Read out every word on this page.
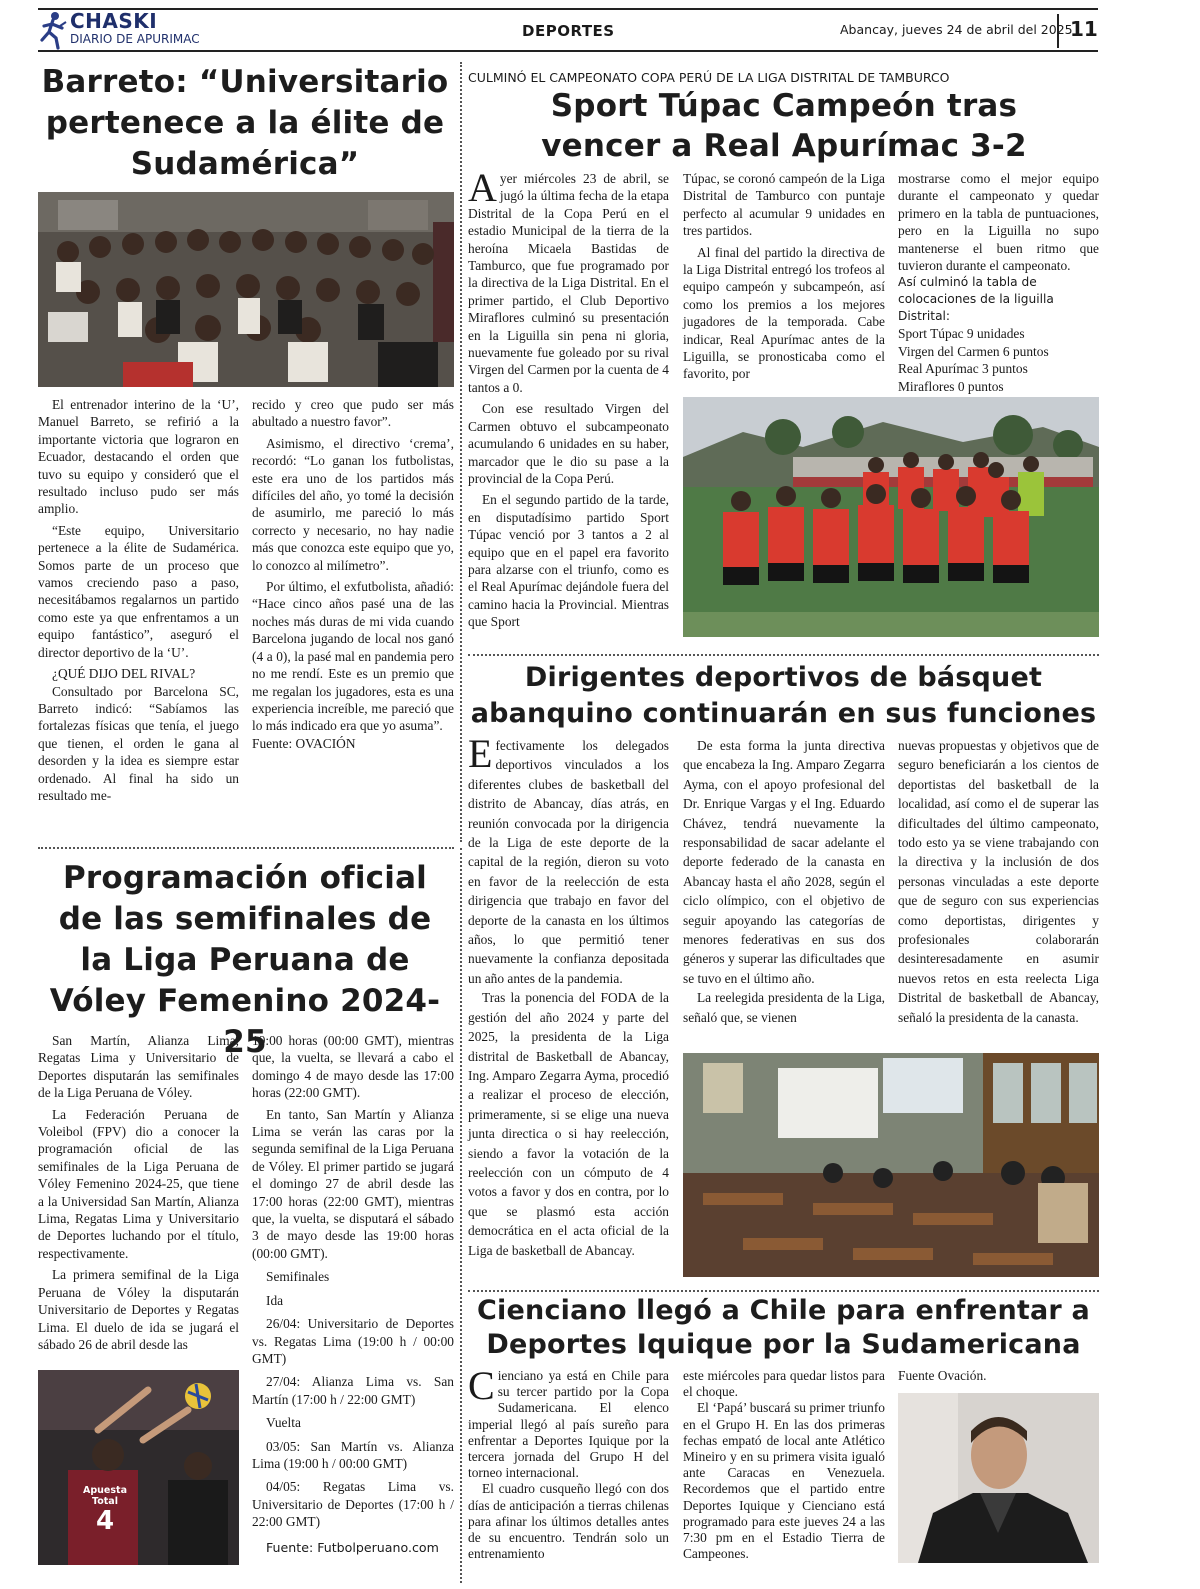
CHASKI
DIARIO DE APURIMAC	DEPORTES	Abancay, jueves 24 de abril del 2025
11
Barreto: “Universitario pertenece a la élite de Sudamérica”

El entrenador interino de la ‘U’, Manuel Barreto, se refirió a la importante victoria que lograron en Ecuador, destacando el orden que tuvo su equipo y consideró que el resultado incluso pudo ser más amplio.

“Este equipo, Universitario pertenece a la élite de Sudamérica. Somos parte de un proceso que vamos creciendo paso a paso, necesitábamos regalarnos un partido como este ya que enfrentamos a un equipo fantástico”, aseguró el director deportivo de la ‘U’.

¿QUÉ DIJO DEL RIVAL?

Consultado por Barcelona SC, Barreto indicó: “Sabíamos las fortalezas físicas que tenía, el juego que tienen, el orden le gana al desorden y la idea es siempre estar ordenado. Al final ha sido un resultado me-

recido y creo que pudo ser más abultado a nuestro favor”.

Asimismo, el directivo ‘crema’, recordó: “Lo ganan los futbolistas, este era uno de los partidos más difíciles del año, yo tomé la decisión de asumirlo, me pareció lo más correcto y necesario, no hay nadie más que conozca este equipo que yo, lo conozco al milímetro”.

Por último, el exfutbolista, añadió: “Hace cinco años pasé una de las noches más duras de mi vida cuando Barcelona jugando de local nos ganó (4 a 0), la pasé mal en pandemia pero no me rendí. Este es un premio que me regalan los jugadores, esta es una experiencia increíble, me pareció que lo más indicado era que yo asuma”.

Fuente: OVACIÓN

CULMINÓ EL CAMPEONATO COPA PERÚ DE LA LIGA DISTRITAL DE TAMBURCO
Sport Túpac Campeón tras vencer a Real Apurímac 3-2
A yer miércoles 23 de abril, se jugó la última fecha de la etapa Distrital de la Copa Perú en el estadio Municipal de la tierra de la heroína Micaela Bastidas de Tamburco, que fue programado por la directiva de la Liga Distrital. En el primer partido, el Club Deportivo Miraflores culminó su presentación en la Liguilla sin pena ni gloria, nuevamente fue goleado por su rival Virgen del Carmen por la cuenta de 4 tantos a 0.

Con ese resultado Virgen del Carmen obtuvo el subcampeonato acumulando 6 unidades en su haber, marcador que le dio su pase a la provincial de la Copa Perú.

En el segundo partido de la tarde, en disputadísimo partido Sport Túpac venció por 3 tantos a 2 al equipo que en el papel era favorito para alzarse con el triunfo, como es el Real Apurímac dejándole fuera del camino hacia la Provincial. Mientras que Sport

Túpac, se coronó campeón de la Liga Distrital de Tamburco con puntaje perfecto al acumular 9 unidades en tres partidos.

Al final del partido la directiva de la Liga Distrital entregó los trofeos al equipo campeón y subcampeón, así como los premios a los mejores jugadores de la temporada. Cabe indicar, Real Apurímac antes de la Liguilla, se pronosticaba como el favorito, por

mostrarse como el mejor equipo durante el campeonato y quedar primero en la tabla de puntuaciones, pero en la Liguilla no supo mantenerse el buen ritmo que tuvieron durante el campeonato.

Así culminó la tabla de colocaciones de la liguilla Distrital:

Sport Túpac 9 unidades

Virgen del Carmen 6 puntos

Real Apurímac 3 puntos

Miraflores 0 puntos

Dirigentes deportivos de básquet abanquino continuarán en sus funciones
E fectivamente los delegados deportivos vinculados a los diferentes clubes de basketball del distrito de Abancay, días atrás, en reunión convocada por la dirigencia de la Liga de este deporte de la capital de la región, dieron su voto en favor de la reelección de esta dirigencia que trabajo en favor del deporte de la canasta en los últimos años, lo que permitió tener nuevamente la confianza depositada un año antes de la pandemia.

Tras la ponencia del FODA de la gestión del año 2024 y parte del 2025, la presidenta de la Liga distrital de Basketball de Abancay, Ing. Amparo Zegarra Ayma, procedió a realizar el proceso de elección, primeramente, si se elige una nueva junta directica o si hay reelección, siendo a favor la votación de la reelección con un cómputo de 4 votos a favor y dos en contra, por lo que se plasmó esta acción democrática en el acta oficial de la Liga de basketball de Abancay.

De esta forma la junta directiva que encabeza la Ing. Amparo Zegarra Ayma, con el apoyo profesional del Dr. Enrique Vargas y el Ing. Eduardo Chávez, tendrá nuevamente la responsabilidad de sacar adelante el deporte federado de la canasta en Abancay hasta el año 2028, según el ciclo olímpico, con el objetivo de seguir apoyando las categorías de menores federativas en sus dos géneros y superar las dificultades que se tuvo en el último año.

La reelegida presidenta de la Liga, señaló que, se vienen

nuevas propuestas y objetivos que de seguro beneficiarán a los cientos de deportistas del basketball de la localidad, así como el de superar las dificultades del último campeonato, todo esto ya se viene trabajando con la directiva y la inclusión de dos personas vinculadas a este deporte que de seguro con sus experiencias como deportistas, dirigentes y profesionales colaborarán desinteresadamente en asumir nuevos retos en esta reelecta Liga Distrital de basketball de Abancay, señaló la presidenta de la canasta.

Programación oficial de las semifinales de la Liga Peruana de Vóley Femenino 2024-25

San Martín, Alianza Lima, Regatas Lima y Universitario de Deportes disputarán las semifinales de la Liga Peruana de Vóley.

La Federación Peruana de Voleibol (FPV) dio a conocer la programación oficial de las semifinales de la Liga Peruana de Vóley Femenino 2024-25, que tiene a la Universidad San Martín, Alianza Lima, Regatas Lima y Universitario de Deportes luchando por el título, respectivamente.

La primera semifinal de la Liga Peruana de Vóley la disputarán Universitario de Deportes y Regatas Lima. El duelo de ida se jugará el sábado 26 de abril desde las

19:00 horas (00:00 GMT), mientras que, la vuelta, se llevará a cabo el domingo 4 de mayo desde las 17:00 horas (22:00 GMT).

En tanto, San Martín y Alianza Lima se verán las caras por la segunda semifinal de la Liga Peruana de Vóley. El primer partido se jugará el domingo 27 de abril desde las 17:00 horas (22:00 GMT), mientras que, la vuelta, se disputará el sábado 3 de mayo desde las 19:00 horas (00:00 GMT).

Semifinales

Ida

26/04: Universitario de Deportes vs. Regatas Lima (19:00 h / 00:00 GMT)

27/04: Alianza Lima vs. San Martín (17:00 h / 22:00 GMT)

Vuelta

03/05: San Martín vs. Alianza Lima (19:00 h / 00:00 GMT)

04/05: Regatas Lima vs. Universitario de Deportes (17:00 h / 22:00 GMT)

Fuente: Futbolperuano.com

Apuesta Total
4
Cienciano llegó a Chile para enfrentar a Deportes Iquique por la Sudamericana
C ienciano ya está en Chile para su tercer partido por la Copa Sudamericana. El elenco imperial llegó al país sureño para enfrentar a Deportes Iquique por la tercera jornada del Grupo H del torneo internacional.

El cuadro cusqueño llegó con dos días de anticipación a tierras chilenas para afinar los últimos detalles antes de su encuentro. Tendrán solo un entrenamiento

este miércoles para quedar listos para el choque.

El ‘Papá’ buscará su primer triunfo en el Grupo H. En las dos primeras fechas empató de local ante Atlético Mineiro y en su primera visita igualó ante Caracas en Venezuela. Recordemos que el partido entre Deportes Iquique y Cienciano está programado para este jueves 24 a las 7:30 pm en el Estadio Tierra de Campeones.

Fuente Ovación.
